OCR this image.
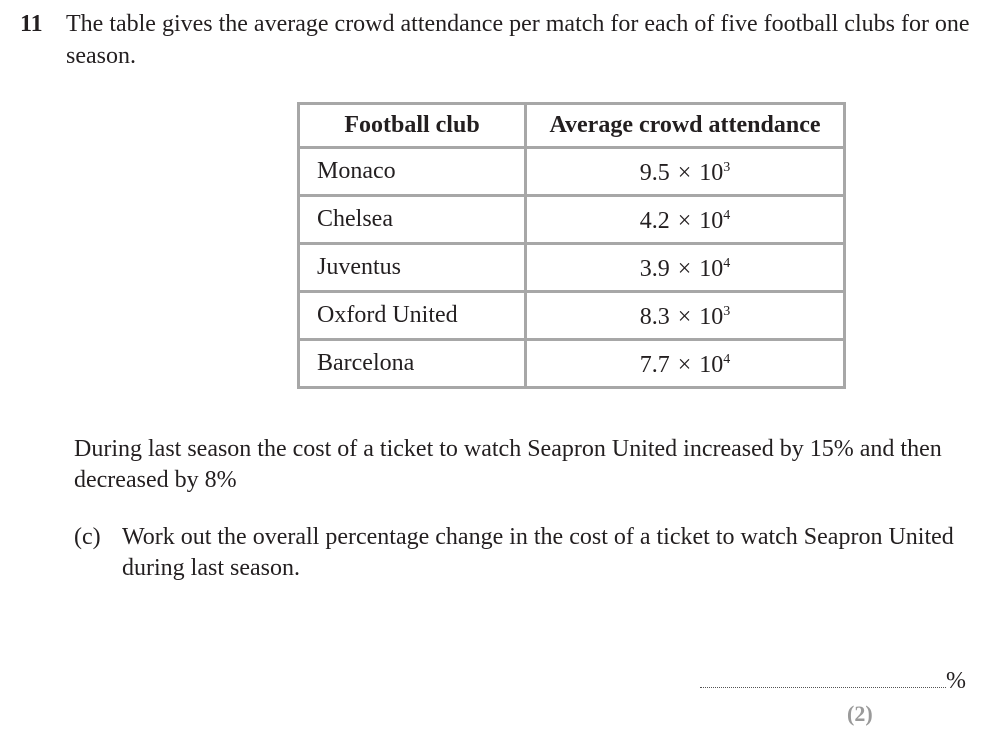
11 The table gives the average crowd attendance per match for each of five football clubs for one season.
Football club	Average crowd attendance
Monaco	$9.5 \times 10^3$
Chelsea	$4.2 \times 10^4$
Juventus	$3.9 \times 10^4$
Oxford United	$8.3 \times 10^3$
Barcelona	$7.7 \times 10^4$
During last season the cost of a ticket to watch Seapron United increased by 15% and then decreased by 8%
(c) Work out the overall percentage change in the cost of a ticket to watch Seapron United during last season.
%
(2)
